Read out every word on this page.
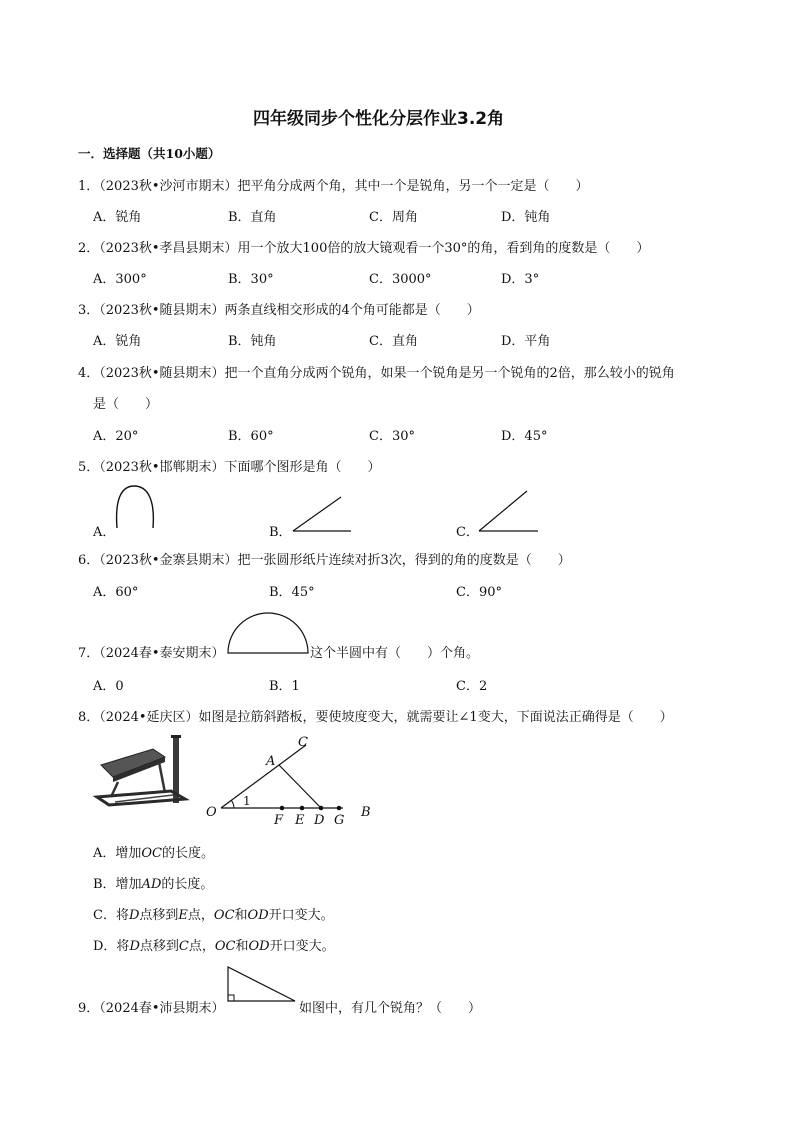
四年级同步个性化分层作业3.2角
一．选择题（共10小题）
1．（2023秋•沙河市期末）把平角分成两个角，其中一个是锐角，另一个一定是（　　）
A．锐角	B．直角	C．周角	D．钝角
2．（2023秋•孝昌县期末）用一个放大100倍的放大镜观看一个30°的角，看到角的度数是（　　）
A．300°	B．30°	C．3000°	D．3°
3．（2023秋•随县期末）两条直线相交形成的4个角可能都是（　　）
A．锐角	B．钝角	C．直角	D．平角
4．（2023秋•随县期末）把一个直角分成两个锐角，如果一个锐角是另一个锐角的2倍，那么较小的锐角
是（　　）
A．20°	B．60°	C．30°	D．45°
5．（2023秋•邯郸期末）下面哪个图形是角（　　）
A．	B．	C．
6．（2023秋•金寨县期末）把一张圆形纸片连续对折3次，得到的角的度数是（　　）
A．60°	B．45°	C．90°
7．（2024春•泰安期末）	这个半圆中有（　　）个角。
A．0	B．1	C．2
8．（2024•延庆区）如图是拉筋斜踏板，要使坡度变大，就需要让∠1变大，下面说法正确得是（　　）
C
A
O
1
F E D G
B
A．增加OC的长度。
B．增加AD的长度。
C．将D点移到E点，OC和OD开口变大。
D．将D点移到C点，OC和OD开口变大。
9．（2024春•沛县期末）	如图中，有几个锐角？（　　）
